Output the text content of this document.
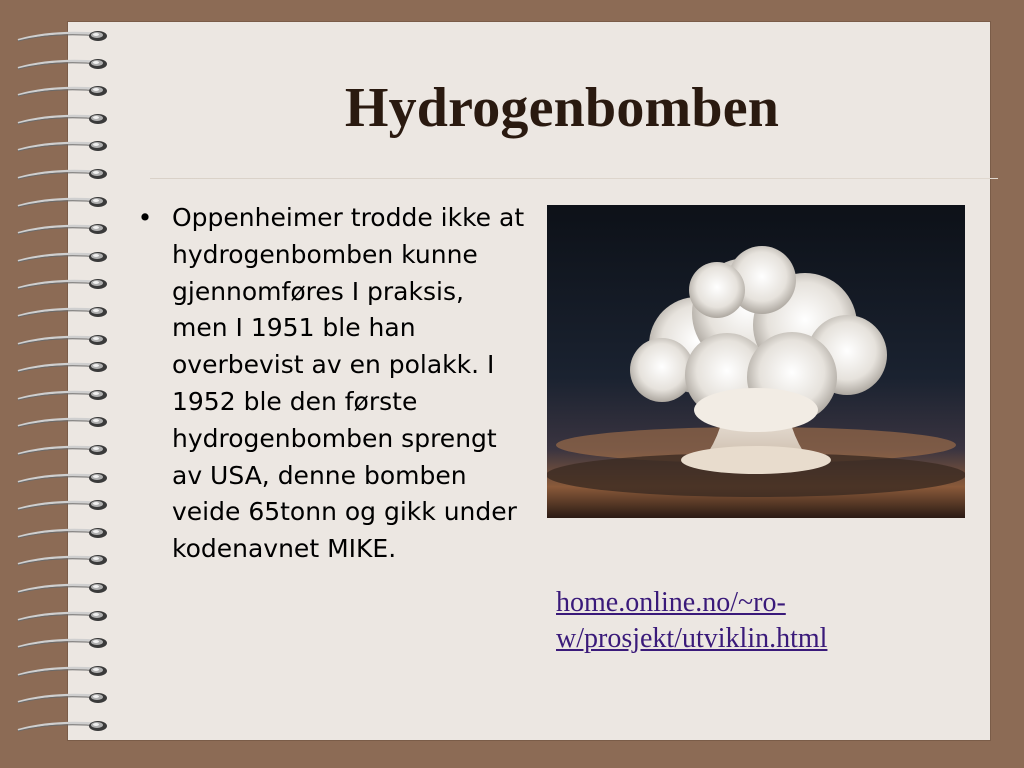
Hydrogenbomben
• Oppenheimer trodde ikke at hydrogenbomben kunne gjennomføres I praksis, men I 1951 ble han overbevist av en polakk. I 1952 ble den første hydrogenbomben sprengt av USA, denne bomben veide 65tonn og gikk under kodenavnet MIKE.
home.online.no/~ro-
w/prosjekt/utviklin.html
